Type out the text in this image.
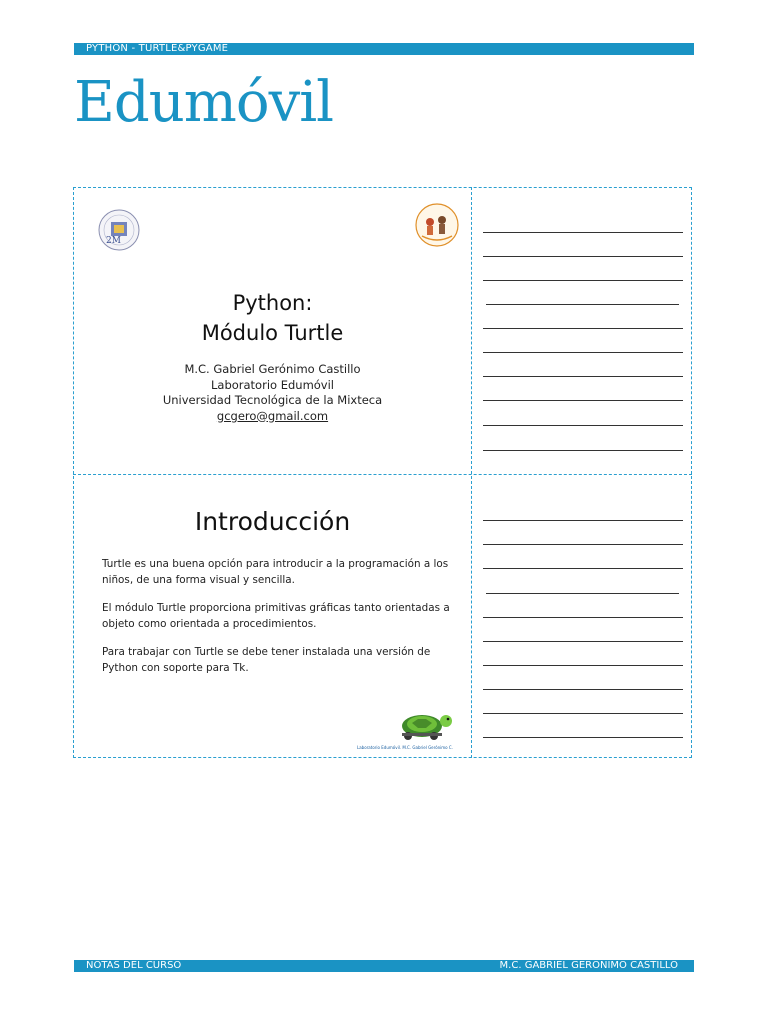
PYTHON - TURTLE&PYGAME
Edumóvil
2M
Python:
Módulo Turtle
M.C. Gabriel Gerónimo Castillo
Laboratorio Edumóvil
Universidad Tecnológica de la Mixteca
gcgero@gmail.com
Introducción
Turtle es una buena opción para introducir a la programación a los niños, de una forma visual y sencilla.
El módulo Turtle proporciona primitivas gráficas tanto orientadas a objeto como orientada a procedimientos.
Para trabajar con Turtle se debe tener instalada una versión de Python con soporte para Tk.
Laboratorio Edumóvil. M.C. Gabriel Gerónimo C.
NOTAS DEL CURSO	M.C. GABRIEL GERÓNIMO CASTILLO
